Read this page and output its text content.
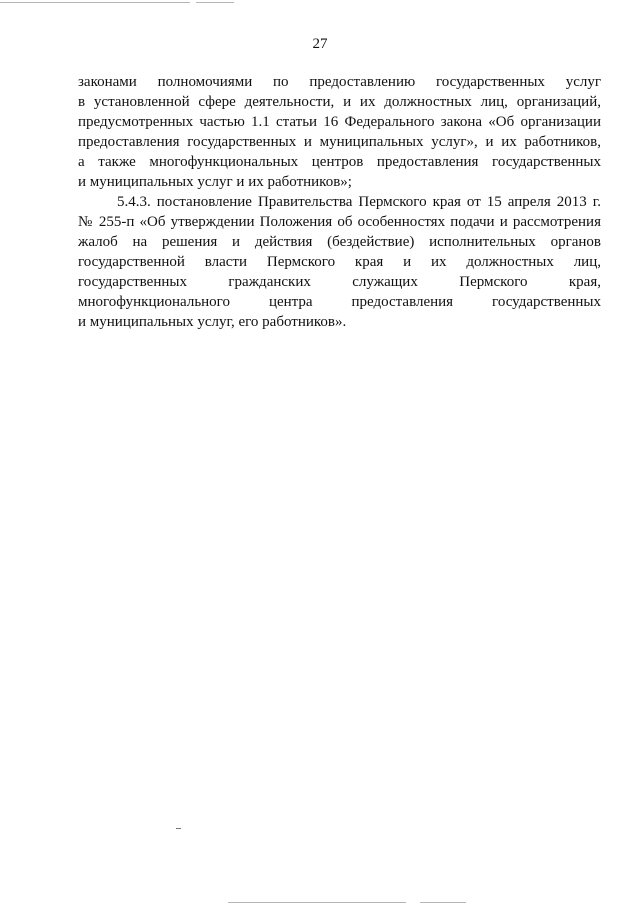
27
законами полномочиями по предоставлению государственных услуг
в установленной сфере деятельности, и их должностных лиц, организаций,
предусмотренных частью 1.1 статьи 16 Федерального закона «Об организации
предоставления государственных и муниципальных услуг», и их работников,
а также многофункциональных центров предоставления государственных
и муниципальных услуг и их работников»;
5.4.3. постановление Правительства Пермского края от 15 апреля 2013 г.
№ 255-п «Об утверждении Положения об особенностях подачи и рассмотрения
жалоб на решения и действия (бездействие) исполнительных органов
государственной власти Пермского края и их должностных лиц,
государственных гражданских служащих Пермского края,
многофункционального центра предоставления государственных
и муниципальных услуг, его работников».
